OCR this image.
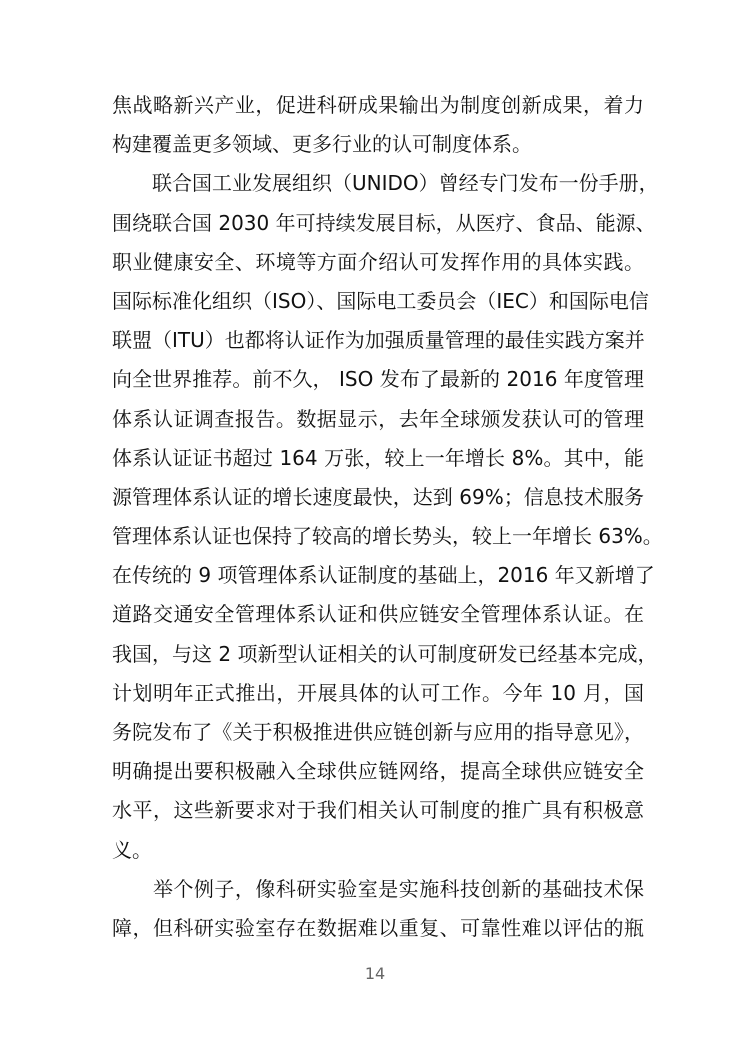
焦战略新兴产业，促进科研成果输出为制度创新成果，着力
构建覆盖更多领域、更多行业的认可制度体系。
　　联合国工业发展组织（UNIDO）曾经专门发布一份手册，
围绕联合国 2030 年可持续发展目标，从医疗、食品、能源、
职业健康安全、环境等方面介绍认可发挥作用的具体实践。
国际标准化组织（ISO）、国际电工委员会（IEC）和国际电信
联盟（ITU）也都将认证作为加强质量管理的最佳实践方案并
向全世界推荐。前不久， ISO 发布了最新的 2016 年度管理
体系认证调查报告。数据显示，去年全球颁发获认可的管理
体系认证证书超过 164 万张，较上一年增长 8%。其中，能
源管理体系认证的增长速度最快，达到 69%；信息技术服务
管理体系认证也保持了较高的增长势头，较上一年增长 63%。
在传统的 9 项管理体系认证制度的基础上，2016 年又新增了
道路交通安全管理体系认证和供应链安全管理体系认证。在
我国，与这 2 项新型认证相关的认可制度研发已经基本完成，
计划明年正式推出，开展具体的认可工作。今年 10 月，国
务院发布了《关于积极推进供应链创新与应用的指导意见》，
明确提出要积极融入全球供应链网络，提高全球供应链安全
水平，这些新要求对于我们相关认可制度的推广具有积极意
义。
　　举个例子，像科研实验室是实施科技创新的基础技术保
障，但科研实验室存在数据难以重复、可靠性难以评估的瓶
14
